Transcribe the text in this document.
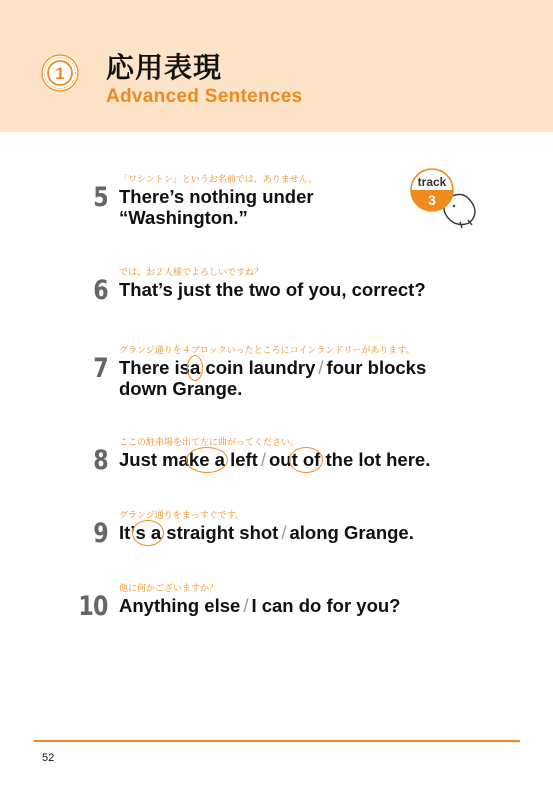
1 応用表現
Advanced Sentences
track
3
5
「ワシントン」というお名前では、ありません。
There’s nothing under
“Washington.”
6
では、お２人様でよろしいですね？
That’s just the two of you, correct?
7
グランジ通りを４ブロックいったところにコインランドリーがあります。
There isa coin laundry / four blocks
down Grange.
8
ここの駐車場を出て左に曲がってください。
Just make a left / out of the lot here.
9
グランジ通りをまっすぐです。
It’s a straight shot / along Grange.
10
他に何かございますか？
Anything else / I can do for you?
52
